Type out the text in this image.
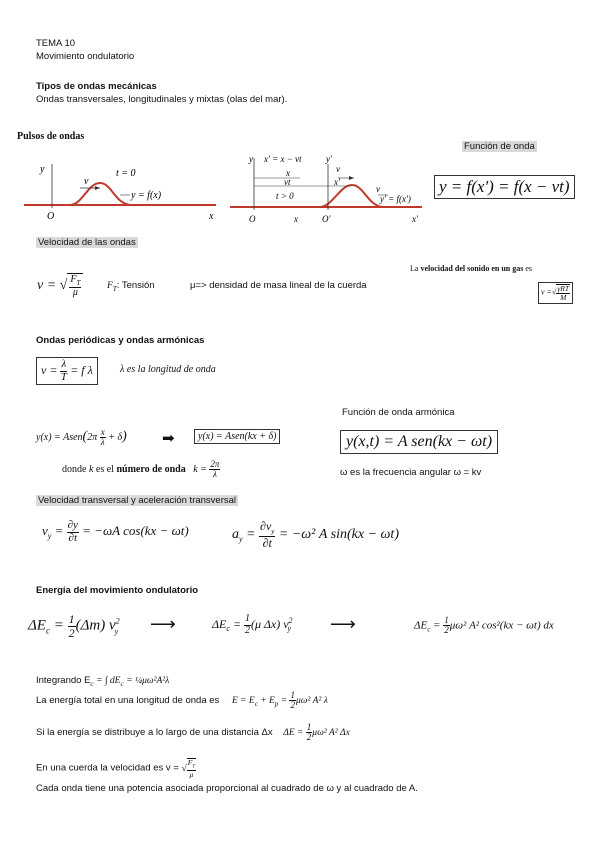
TEMA 10
Movimiento ondulatorio
Tipos de ondas mecánicas
Ondas transversales, longitudinales y mixtas (olas del mar).
Pulsos de ondas
y	t = 0
v
y = f(x)
O	x
y x' = x − vt	y'
v
x
vt	x'
t > 0
v
y' = f(x')
O	x	O'	x'
Función de onda
y = f(x') = f(x − vt)
Velocidad de las ondas
v = √ $\frac{F_T}{\mu} F_T$: Tensión	μ=> densidad de masa lineal de la cuerda
La velocidad del sonido en un gas es
v =√ $\frac{\text{γRT}}{M}$
Ondas periódicas y ondas armónicas
$v = \frac{\lambda}{T} = f$ λ	λ es la longitud de onda
Función de onda armónica
y(x) = Asen(2π $\frac{x}{\lambda} + \delta$) ➡	y(x) = Asen(kx + δ)
donde k es el número de onda $k = \frac{2\pi}{\lambda}$
y(x,t) = A sen(kx − ωt)
ω es la frecuencia angular ω = kv
Velocidad transversal y aceleración transversal
$v_y = \frac{\partial y}{\partial t} = -\omega A$ cos(kx − ωt)	$a_y = \frac{\partial v_y}{\partial t} = -\omega^2$ A sin(kx − ωt)
Energía del movimiento ondulatorio
$\Delta E_c = \frac{1}{2} (\Delta m)$ $v^2_y$ ⟶	$\Delta E_c = \frac{1}{2} (\mu$ Δx) $v^2_y$ ⟶	$\Delta E_c = \frac{1}{2} \mu\omega^2$ A² cos²(kx − ωt) dx
Integrando $E_c$ = ∫ $dE_c$ = ¼μω²A²λ
La energía total en una longitud de onda es $E = E_c + E_p = \frac{1}{2} \mu\omega^2$ A² λ
Si la energía se distribuye a lo largo de una distancia Δx $\Delta E = \frac{1}{2} \mu\omega^2$ A² Δx
En una cuerda la velocidad es v = √ $\frac{F_T}{\mu}$
Cada onda tiene una potencia asociada proporcional al cuadrado de ω y al cuadrado de A.
